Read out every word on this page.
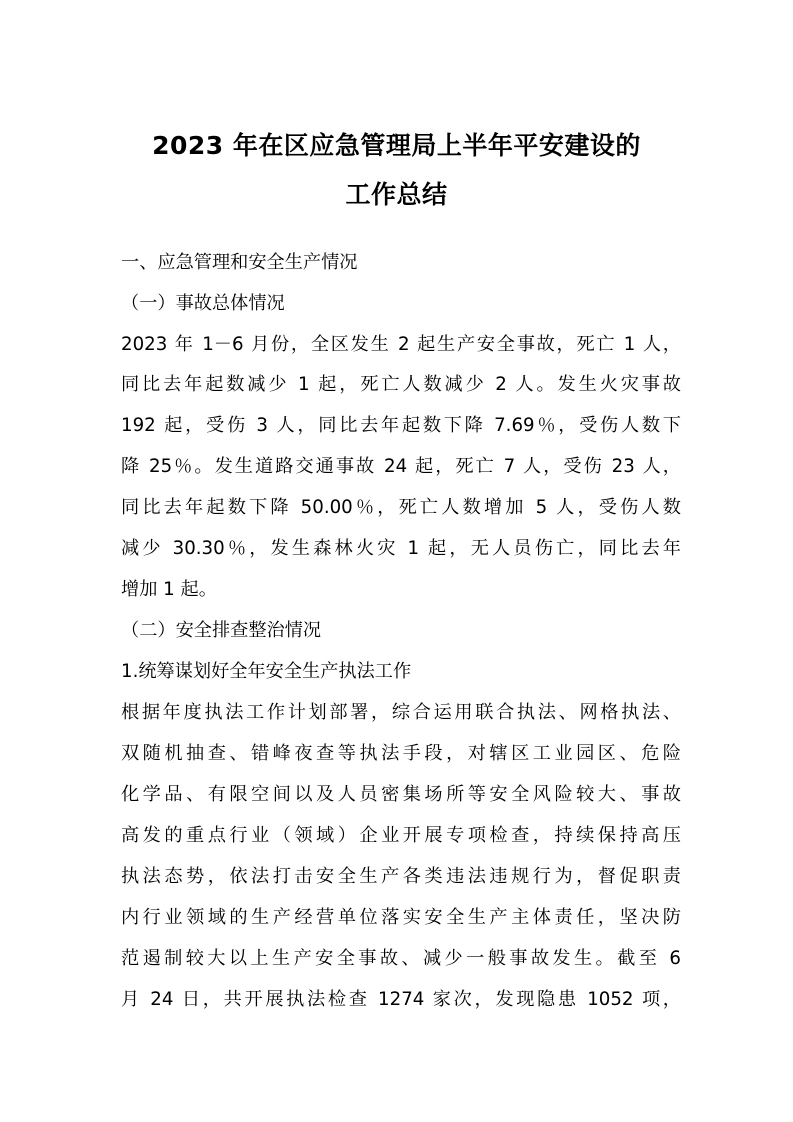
2023 年在区应急管理局上半年平安建设的
工作总结

一、应急管理和安全生产情况

（一）事故总体情况

2023 年 1－6 月份，全区发生 2 起生产安全事故，死亡 1 人，

同比去年起数减少 1 起，死亡人数减少 2 人。发生火灾事故

192 起，受伤 3 人，同比去年起数下降 7.69％，受伤人数下

降 25％。发生道路交通事故 24 起，死亡 7 人，受伤 23 人，

同比去年起数下降 50.00％，死亡人数增加 5 人，受伤人数

减少 30.30％，发生森林火灾 1 起，无人员伤亡，同比去年

增加 1 起。

（二）安全排查整治情况

1.统筹谋划好全年安全生产执法工作

根据年度执法工作计划部署，综合运用联合执法、网格执法、

双随机抽查、错峰夜查等执法手段，对辖区工业园区、危险

化学品、有限空间以及人员密集场所等安全风险较大、事故

高发的重点行业（领域）企业开展专项检查，持续保持高压

执法态势，依法打击安全生产各类违法违规行为，督促职责

内行业领域的生产经营单位落实安全生产主体责任，坚决防

范遏制较大以上生产安全事故、减少一般事故发生。截至 6

月 24 日，共开展执法检查 1274 家次，发现隐患 1052 项，
